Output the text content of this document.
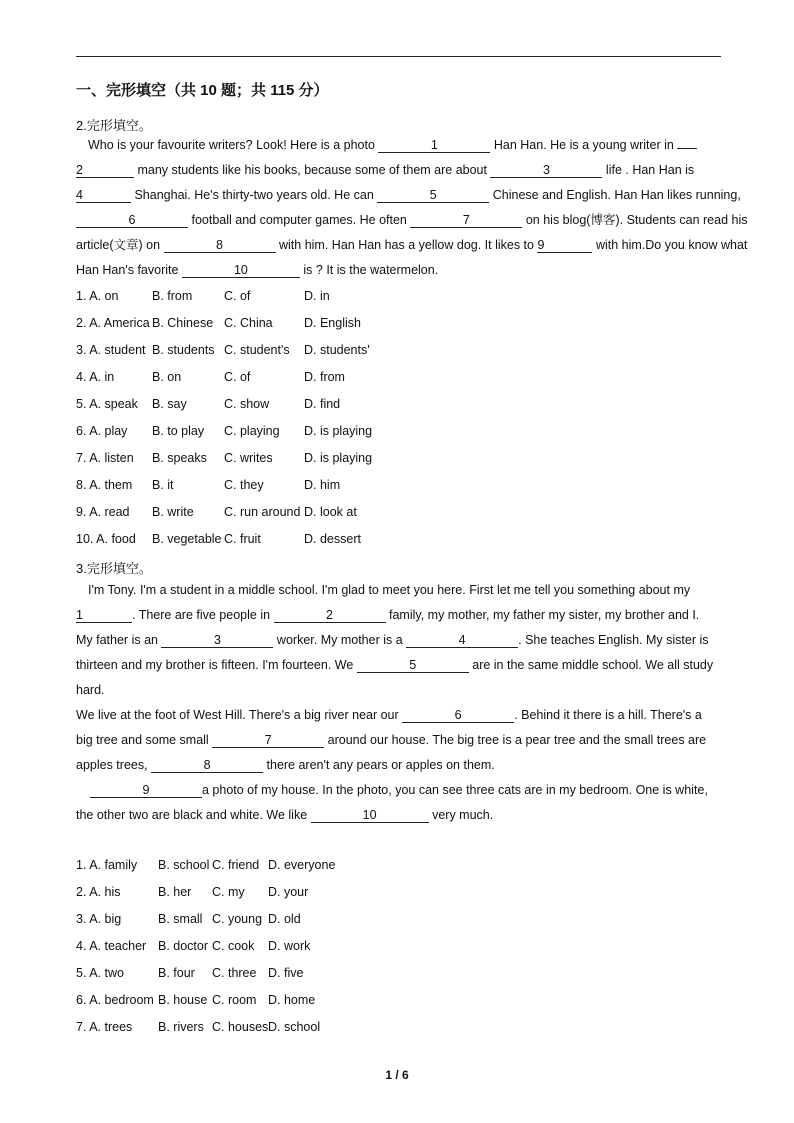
一、完形填空（共 10 题；共 115 分）
2.完形填空。

Who is your favourite writers? Look! Here is a photo	1	Han Han. He is a young writer in  2	many students like his books, because some of them are about	3	life . Han Han is 4	Shanghai. He's thirty-two years old. He can	5	Chinese and English. Han Han likes running, 6	football and computer games. He often	7	on his blog(博客). Students can read his article(文章) on	8	with him. Han Han has a yellow dog. It likes to 9	with him.Do you know what Han Han's favorite	10	is ? It is the watermelon.

1. A. on	B. from	C. of	D. in
2. A. America B. Chinese C. China	D. English
3. A. student B. students C. student's D. students'
4. A. in	B. on	C. of	D. from
5. A. speak B. say	C. show	D. find
6. A. play B. to play C. playing D. is playing
7. A. listen B. speaks C. writes	D. is playing
8. A. them B. it	C. they	D. him
9. A. read B. write C. run around D. look at
10. A. food B. vegetable C. fruit	D. dessert
3.完形填空。

I'm Tony. I'm a student in a middle school. I'm glad to meet you here. First let me tell you something about my 1	. There are five people in	2	family, my mother, my father my sister, my brother and I.

My father is an	3	worker. My mother is a	4	. She teaches English. My sister is thirteen and my brother is fifteen. I'm fourteen. We	5	are in the same middle school. We all study hard.

We live at the foot of West Hill. There's a big river near our	6	. Behind it there is a hill. There's a big tree and some small	7	around our house. The big tree is a pear tree and the small trees are apples trees,	8	there aren't any pears or apples on them.

9	a photo of my house. In the photo, you can see three cats are in my bedroom. One is white, the other two are black and white. We like	10	very much.

1. A. family B. school C. friend D. everyone
2. A. his	B. her C. my D. your
3. A. big	B. small C. young D. old
4. A. teacher B. doctor C. cook D. work
5. A. two	B. four C. three D. five
6. A. bedroom B. house C. room D. home
7. A. trees B. rivers C. housesD. school
1 / 6
